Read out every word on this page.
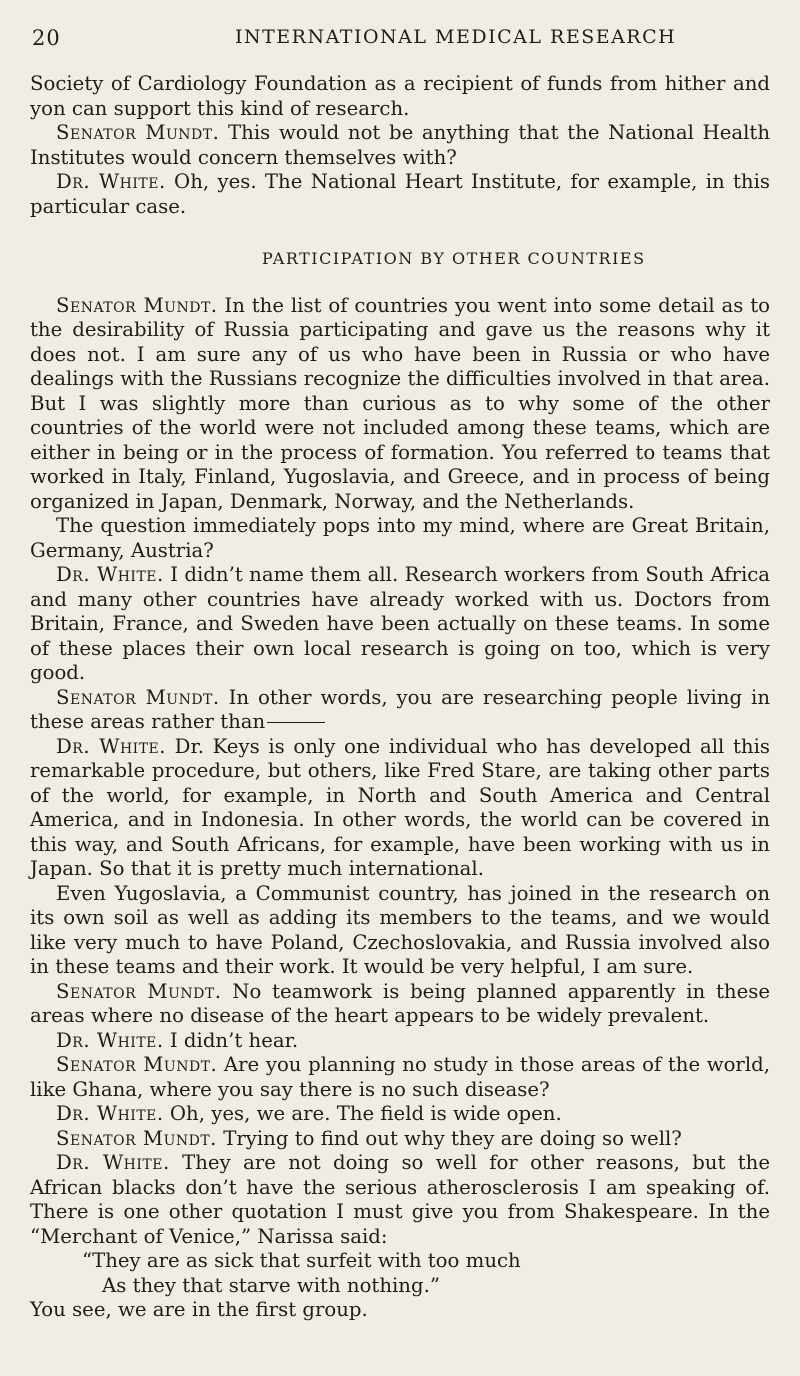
20	INTERNATIONAL MEDICAL RESEARCH

Society of Cardiology Foundation as a recipient of funds from hither and yon can support this kind of research.

Senator Mundt. This would not be anything that the National Health Institutes would concern themselves with?

Dr. White. Oh, yes. The National Heart Institute, for example, in this particular case.

PARTICIPATION BY OTHER COUNTRIES

Senator Mundt. In the list of countries you went into some detail as to the desirability of Russia participating and gave us the reasons why it does not. I am sure any of us who have been in Russia or who have dealings with the Russians recognize the difficulties involved in that area. But I was slightly more than curious as to why some of the other countries of the world were not included among these teams, which are either in being or in the process of formation. You referred to teams that worked in Italy, Finland, Yugoslavia, and Greece, and in process of being organized in Japan, Denmark, Norway, and the Netherlands.

The question immediately pops into my mind, where are Great Britain, Germany, Austria?

Dr. White. I didn’t name them all. Research workers from South Africa and many other countries have already worked with us. Doctors from Britain, France, and Sweden have been actually on these teams. In some of these places their own local research is going on too, which is very good.

Senator Mundt. In other words, you are researching people living in these areas rather than

Dr. White. Dr. Keys is only one individual who has developed all this remarkable procedure, but others, like Fred Stare, are taking other parts of the world, for example, in North and South America and Central America, and in Indonesia. In other words, the world can be covered in this way, and South Africans, for example, have been working with us in Japan. So that it is pretty much international.

Even Yugoslavia, a Communist country, has joined in the research on its own soil as well as adding its members to the teams, and we would like very much to have Poland, Czechoslovakia, and Russia involved also in these teams and their work. It would be very helpful, I am sure.

Senator Mundt. No teamwork is being planned apparently in these areas where no disease of the heart appears to be widely prevalent.

Dr. White. I didn’t hear.

Senator Mundt. Are you planning no study in those areas of the world, like Ghana, where you say there is no such disease?

Dr. White. Oh, yes, we are. The field is wide open.

Senator Mundt. Trying to find out why they are doing so well?

Dr. White. They are not doing so well for other reasons, but the African blacks don’t have the serious atherosclerosis I am speaking of. There is one other quotation I must give you from Shakespeare. In the “Merchant of Venice,” Narissa said:

“They are as sick that surfeit with too much
As they that starve with nothing.”

You see, we are in the first group.
